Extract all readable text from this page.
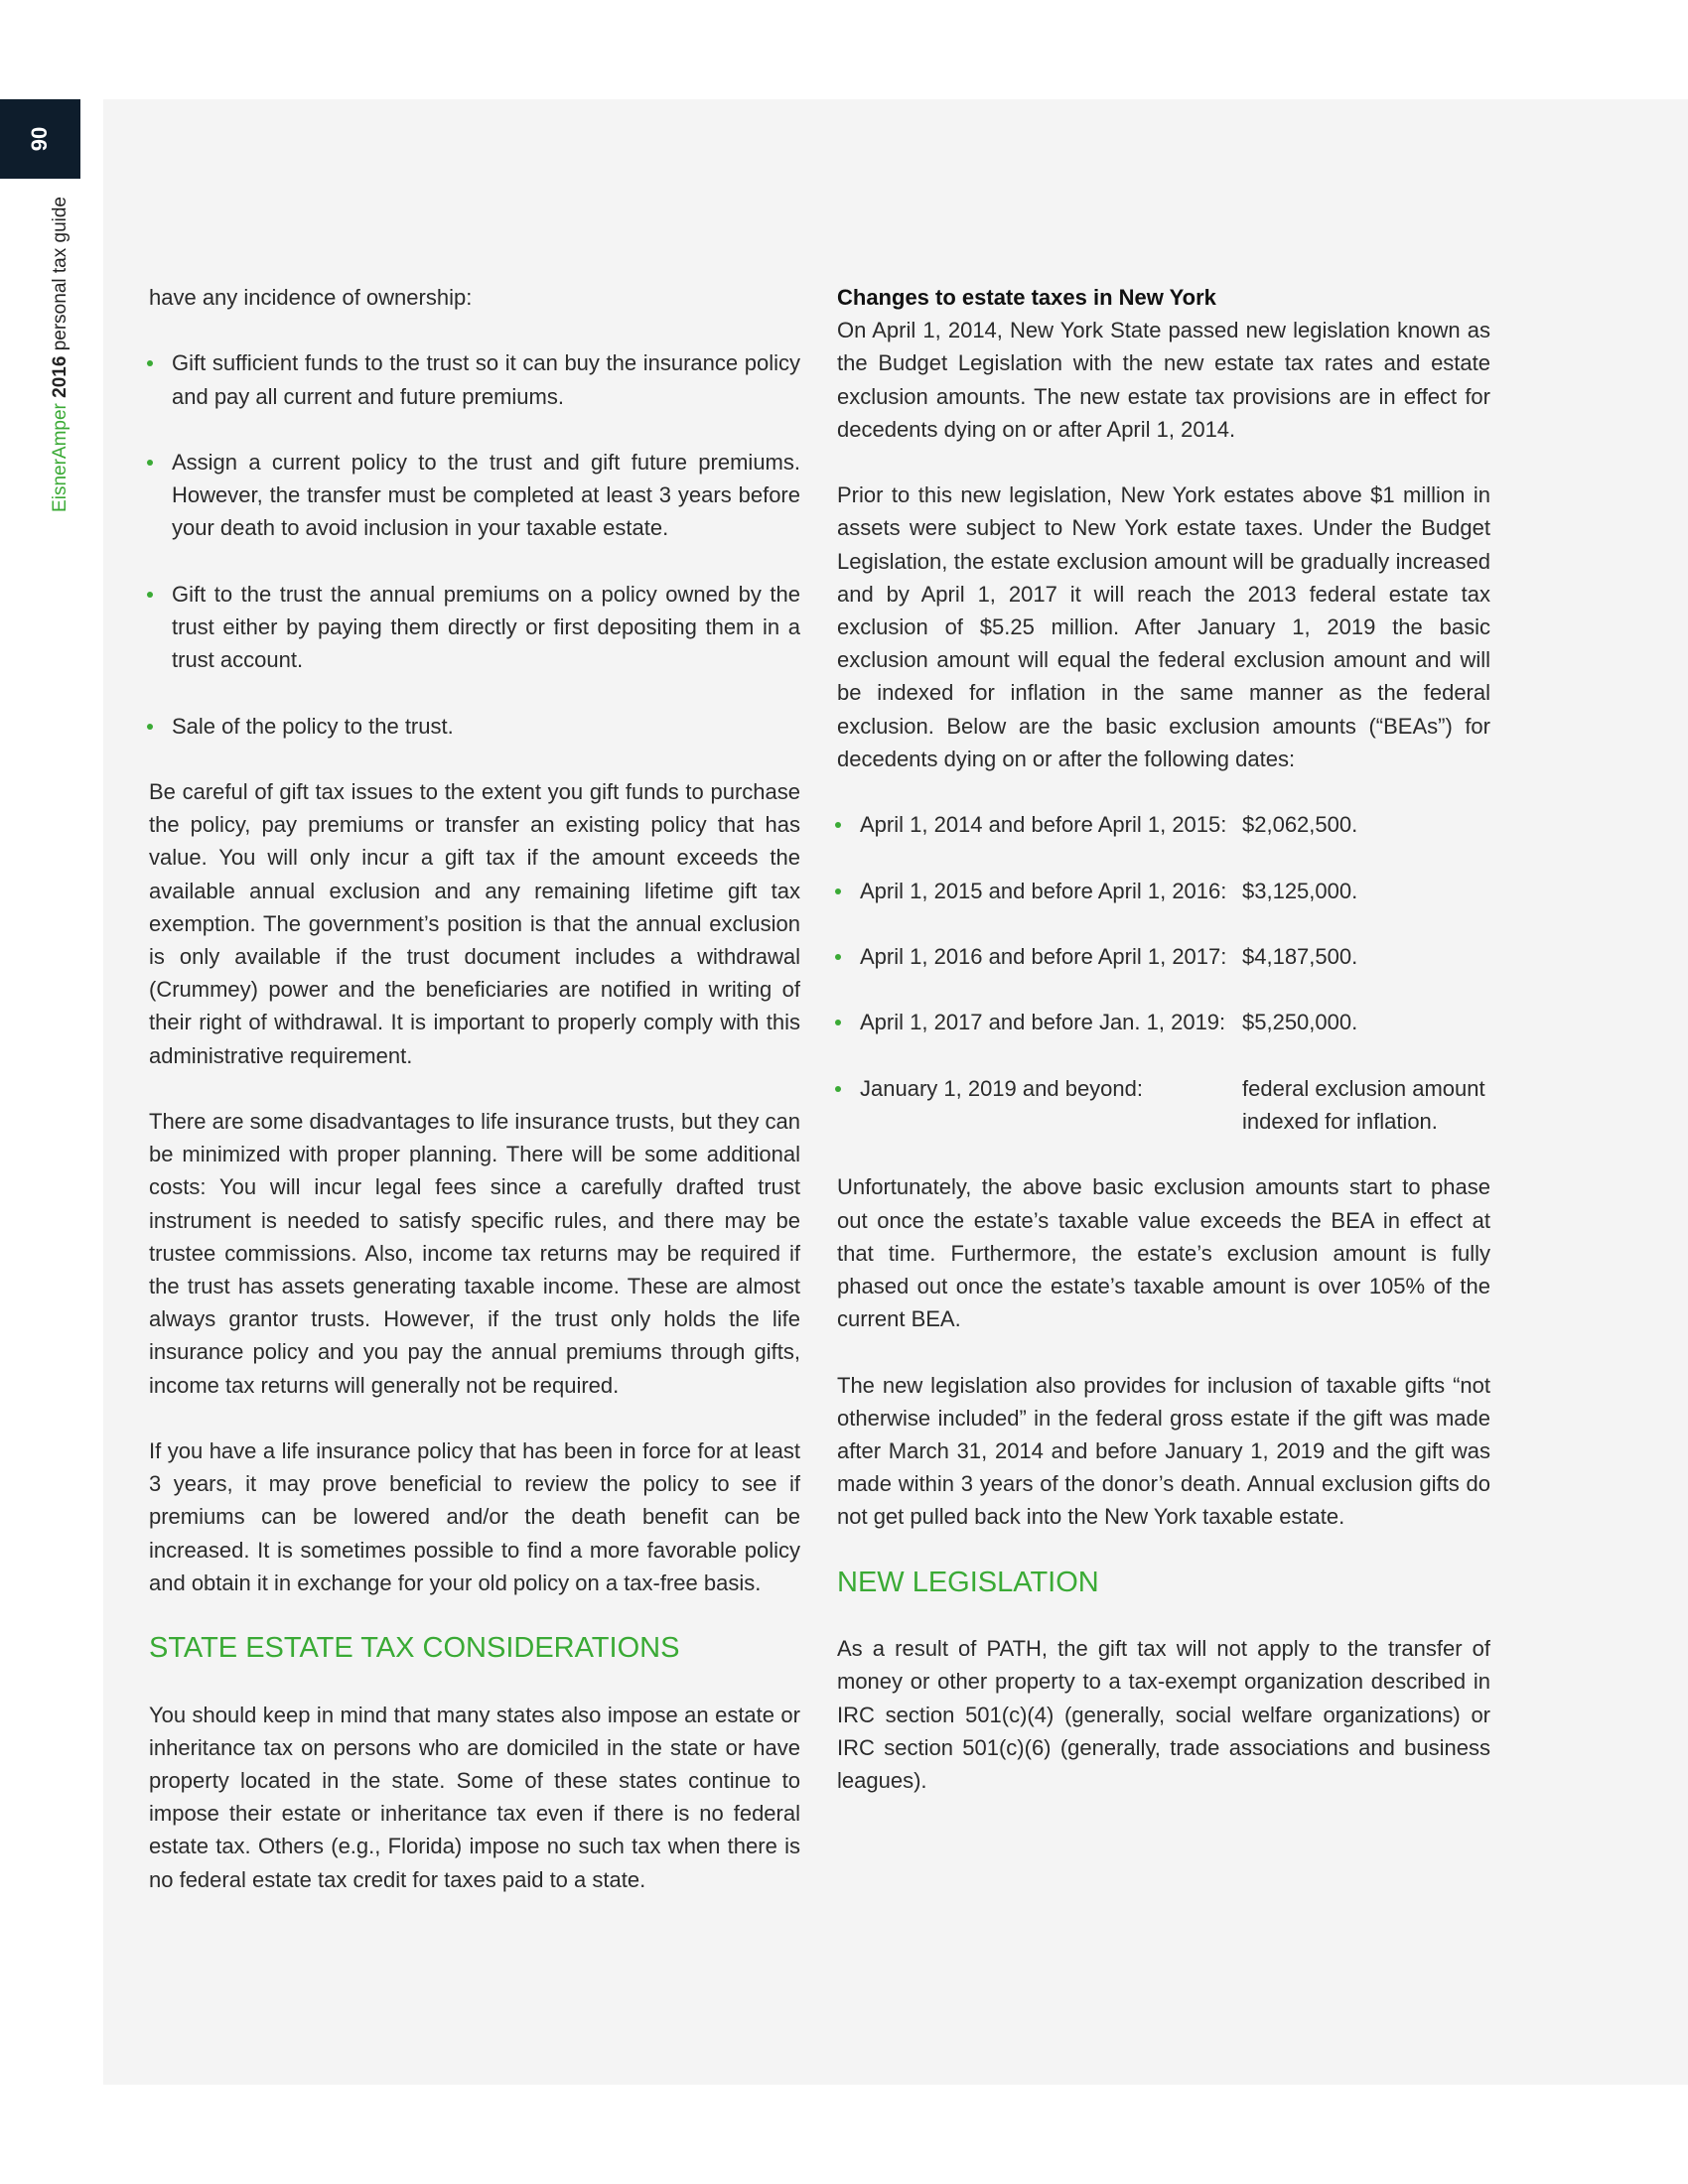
90
EisnerAmper 2016 personal tax guide	have any incidence of ownership:

Gift sufficient funds to the trust so it can buy the insurance policy and pay all current and future premiums.
Assign a current policy to the trust and gift future premiums. However, the transfer must be completed at least 3 years before your death to avoid inclusion in your taxable estate.
Gift to the trust the annual premiums on a policy owned by the trust either by paying them directly or first depositing them in a trust account.
Sale of the policy to the trust.

Be careful of gift tax issues to the extent you gift funds to purchase the policy, pay premiums or transfer an existing policy that has value. You will only incur a gift tax if the amount exceeds the available annual exclusion and any remaining lifetime gift tax exemption. The government’s position is that the annual exclusion is only available if the trust document includes a withdrawal (Crummey) power and the beneficiaries are notified in writing of their right of withdrawal. It is important to properly comply with this administrative requirement.

There are some disadvantages to life insurance trusts, but they can be minimized with proper planning. There will be some additional costs: You will incur legal fees since a carefully drafted trust instrument is needed to satisfy specific rules, and there may be trustee commissions. Also, income tax returns may be required if the trust has assets generating taxable income. These are almost always grantor trusts. However, if the trust only holds the life insurance policy and you pay the annual premiums through gifts, income tax returns will generally not be required.

If you have a life insurance policy that has been in force for at least 3 years, it may prove beneficial to review the policy to see if premiums can be lowered and/or the death benefit can be increased. It is sometimes possible to find a more favorable policy and obtain it in exchange for your old policy on a tax-free basis.

STATE ESTATE TAX CONSIDERATIONS

You should keep in mind that many states also impose an estate or inheritance tax on persons who are domiciled in the state or have property located in the state. Some of these states continue to impose their estate or inheritance tax even if there is no federal estate tax. Others (e.g., Florida) impose no such tax when there is no federal estate tax credit for taxes paid to a state.

Changes to estate taxes in New York

On April 1, 2014, New York State passed new legislation known as the Budget Legislation with the new estate tax rates and estate exclusion amounts. The new estate tax provisions are in effect for decedents dying on or after April 1, 2014.

Prior to this new legislation, New York estates above $1 million in assets were subject to New York estate taxes. Under the Budget Legislation, the estate exclusion amount will be gradually increased and by April 1, 2017 it will reach the 2013 federal estate tax exclusion of $5.25 million. After January 1, 2019 the basic exclusion amount will equal the federal exclusion amount and will be indexed for inflation in the same manner as the federal exclusion. Below are the basic exclusion amounts (“BEAs”) for decedents dying on or after the following dates:

April 1, 2014 and before April 1, 2015: $2,062,500.
April 1, 2015 and before April 1, 2016: $3,125,000.
April 1, 2016 and before April 1, 2017: $4,187,500.
April 1, 2017 and before Jan. 1, 2019: $5,250,000.
January 1, 2019 and beyond:	federal exclusion amount indexed for inflation.

Unfortunately, the above basic exclusion amounts start to phase out once the estate’s taxable value exceeds the BEA in effect at that time. Furthermore, the estate’s exclusion amount is fully phased out once the estate’s taxable amount is over 105% of the current BEA.

The new legislation also provides for inclusion of taxable gifts “not otherwise included” in the federal gross estate if the gift was made after March 31, 2014 and before January 1, 2019 and the gift was made within 3 years of the donor’s death. Annual exclusion gifts do not get pulled back into the New York taxable estate.

NEW LEGISLATION

As a result of PATH, the gift tax will not apply to the transfer of money or other property to a tax-exempt organization described in IRC section 501(c)(4) (generally, social welfare organizations) or IRC section 501(c)(6) (generally, trade associations and business leagues).
